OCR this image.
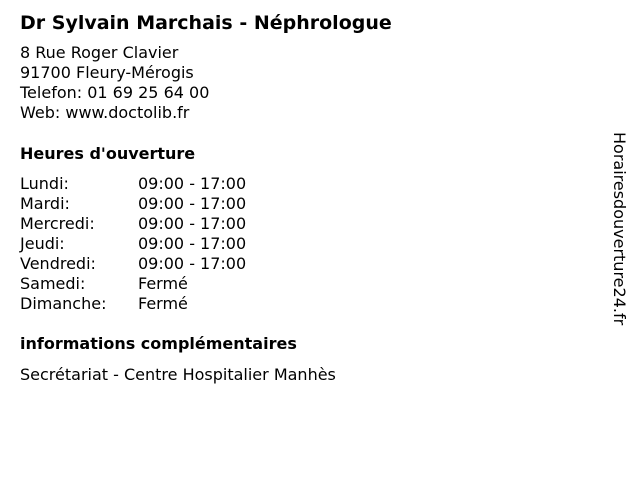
Dr Sylvain Marchais - Néphrologue
8 Rue Roger Clavier
91700 Fleury-Mérogis
Telefon: 01 69 25 64 00
Web: www.doctolib.fr
Heures d'ouverture
Lundi:	09:00 - 17:00
Mardi:	09:00 - 17:00
Mercredi:	09:00 - 17:00
Jeudi:	09:00 - 17:00
Vendredi:	09:00 - 17:00
Samedi:	Fermé
Dimanche: Fermé
informations complémentaires
Secrétariat - Centre Hospitalier Manhès
Horairesdouverture24.fr
